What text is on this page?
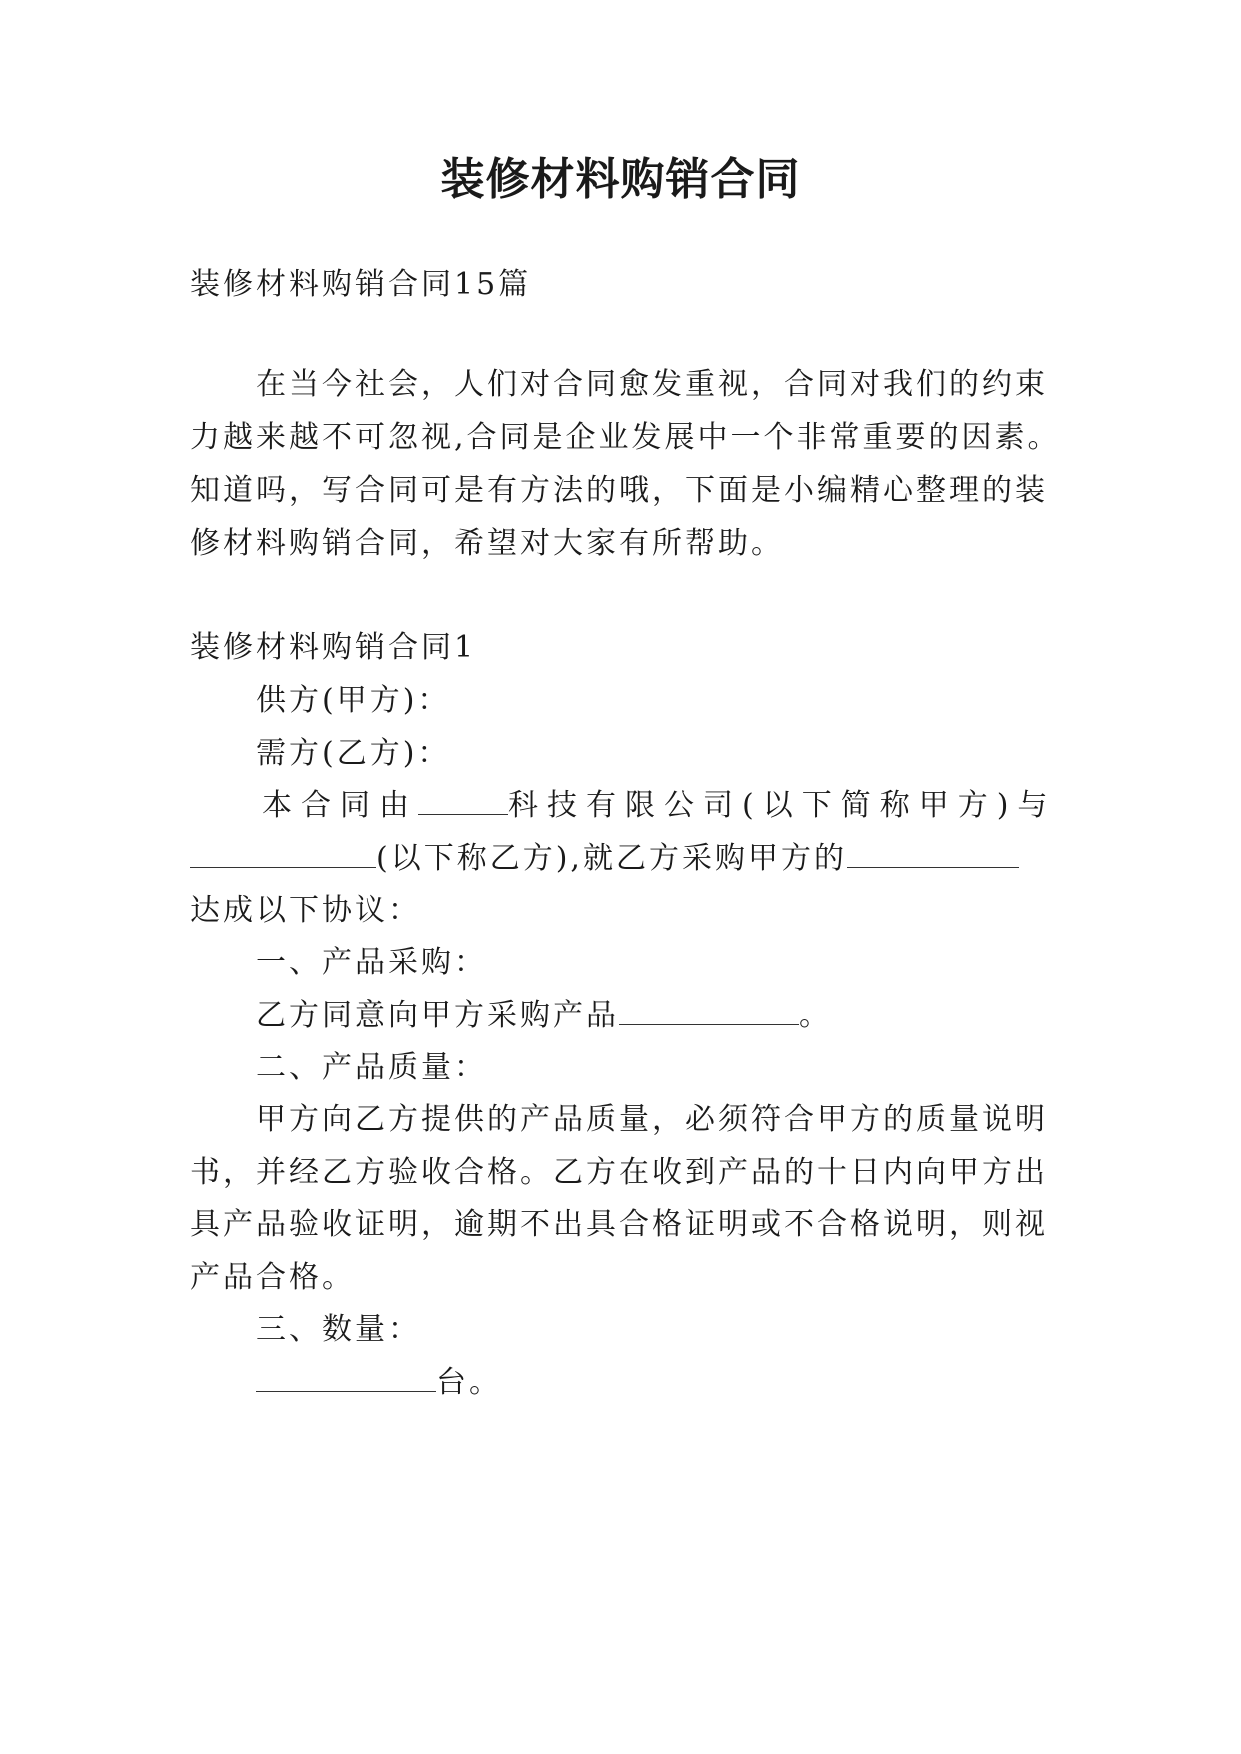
装修材料购销合同
装修材料购销合同15篇
在当今社会，人们对合同愈发重视，合同对我们的约束
力越来越不可忽视,合同是企业发展中一个非常重要的因素。
知道吗，写合同可是有方法的哦，下面是小编精心整理的装
修材料购销合同，希望对大家有所帮助。
装修材料购销合同1
供方(甲方)：
需方(乙方)：
本合同由	科技有限公司(以下简称甲方)与
(以下称乙方),就乙方采购甲方的
达成以下协议：
一、产品采购：
乙方同意向甲方采购产品	。
二、产品质量：
甲方向乙方提供的产品质量，必须符合甲方的质量说明
书，并经乙方验收合格。乙方在收到产品的十日内向甲方出
具产品验收证明，逾期不出具合格证明或不合格说明，则视
产品合格。
三、数量：
台。
